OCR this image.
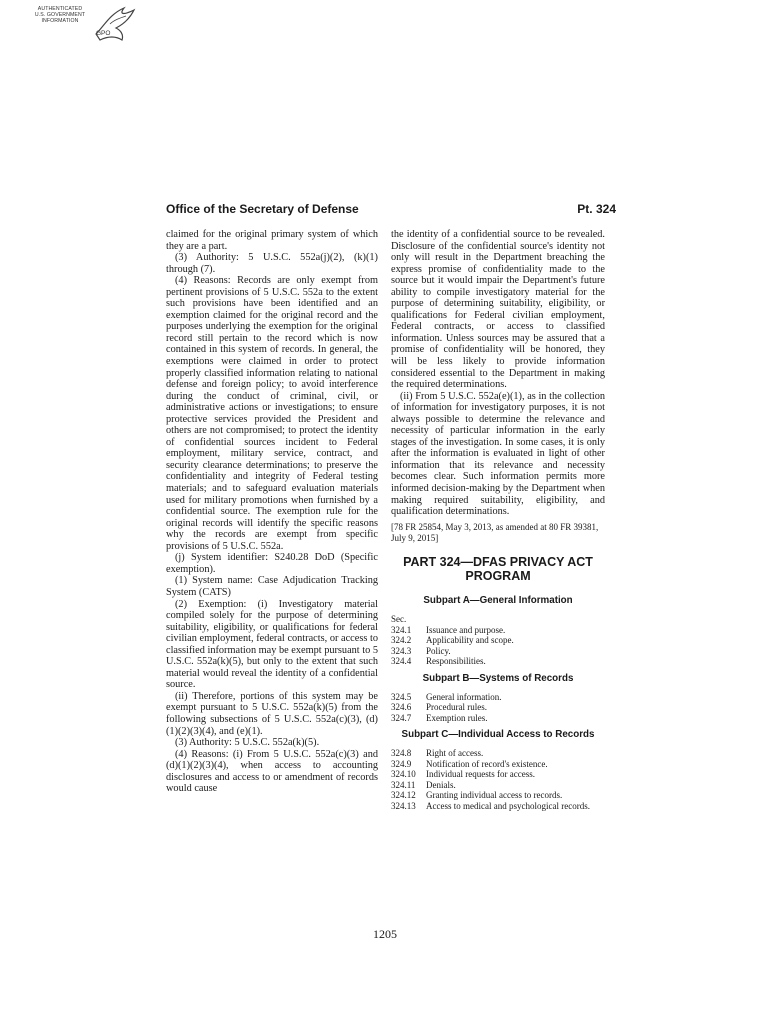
AUTHENTICATED
U.S. GOVERNMENT
INFORMATION
GPO
Office of the Secretary of Defense	Pt. 324

claimed for the original primary system of which they are a part.

(3) Authority: 5 U.S.C. 552a(j)(2), (k)(1) through (7).

(4) Reasons: Records are only exempt from pertinent provisions of 5 U.S.C. 552a to the extent such provisions have been identified and an exemption claimed for the original record and the purposes underlying the exemption for the original record still pertain to the record which is now contained in this system of records. In general, the exemptions were claimed in order to protect properly classified information relating to national defense and foreign policy; to avoid interference during the conduct of criminal, civil, or administrative actions or investigations; to ensure protective services provided the President and others are not compromised; to protect the identity of confidential sources incident to Federal employment, military service, contract, and security clearance determinations; to preserve the confidentiality and integrity of Federal testing materials; and to safeguard evaluation materials used for military promotions when furnished by a confidential source. The exemption rule for the original records will identify the specific reasons why the records are exempt from specific provisions of 5 U.S.C. 552a.

(j) System identifier: S240.28 DoD (Specific exemption).

(1) System name: Case Adjudication Tracking System (CATS)

(2) Exemption: (i) Investigatory material compiled solely for the purpose of determining suitability, eligibility, or qualifications for federal civilian employment, federal contracts, or access to classified information may be exempt pursuant to 5 U.S.C. 552a(k)(5), but only to the extent that such material would reveal the identity of a confidential source.

(ii) Therefore, portions of this system may be exempt pursuant to 5 U.S.C. 552a(k)(5) from the following subsections of 5 U.S.C. 552a(c)(3), (d)(1)(2)(3)(4), and (e)(1).

(3) Authority: 5 U.S.C. 552a(k)(5).

(4) Reasons: (i) From 5 U.S.C. 552a(c)(3) and (d)(1)(2)(3)(4), when access to accounting disclosures and access to or amendment of records would cause

the identity of a confidential source to be revealed. Disclosure of the confidential source's identity not only will result in the Department breaching the express promise of confidentiality made to the source but it would impair the Department's future ability to compile investigatory material for the purpose of determining suitability, eligibility, or qualifications for Federal civilian employment, Federal contracts, or access to classified information. Unless sources may be assured that a promise of confidentiality will be honored, they will be less likely to provide information considered essential to the Department in making the required determinations.

(ii) From 5 U.S.C. 552a(e)(1), as in the collection of information for investigatory purposes, it is not always possible to determine the relevance and necessity of particular information in the early stages of the investigation. In some cases, it is only after the information is evaluated in light of other information that its relevance and necessity becomes clear. Such information permits more informed decision-making by the Department when making required suitability, eligibility, and qualification determinations.

[78 FR 25854, May 3, 2013, as amended at 80 FR 39381, July 9, 2015]

PART 324—DFAS PRIVACY ACT PROGRAM

Subpart A—General Information

Sec.

324.1	Issuance and purpose.
324.2	Applicability and scope.
324.3	Policy.
324.4	Responsibilities.

Subpart B—Systems of Records

324.5	General information.
324.6	Procedural rules.
324.7	Exemption rules.

Subpart C—Individual Access to Records

324.8	Right of access.
324.9	Notification of record's existence.
324.10	Individual requests for access.
324.11	Denials.
324.12	Granting individual access to records.
324.13	Access to medical and psychological records.
1205
